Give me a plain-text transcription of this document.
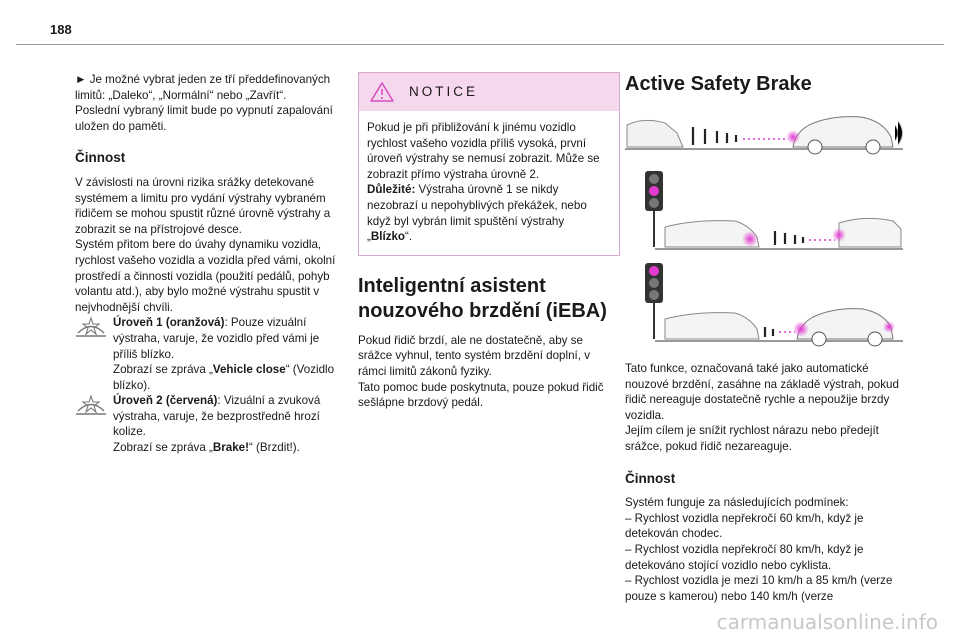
188

► Je možné vybrat jeden ze tří předdefinovaných limitů: „Daleko“, „Normální“ nebo „Zavřít“.

Poslední vybraný limit bude po vypnutí zapalování uložen do paměti.

Činnost

V závislosti na úrovni rizika srážky detekované systémem a limitu pro vydání výstrahy vybraném řidičem se mohou spustit různé úrovně výstrahy a zobrazit se na přístrojové desce.

Systém přitom bere do úvahy dynamiku vozidla, rychlost vašeho vozidla a vozidla před vámi, okolní prostředí a činnosti vozidla (použití pedálů, pohyb volantu atd.), aby bylo možné výstrahu spustit v nejvhodnější chvíli.

Úroveň 1 (oranžová): Pouze vizuální výstraha, varuje, že vozidlo před vámi je příliš blízko.

Zobrazí se zpráva „Vehicle close“ (Vozidlo blízko).

Úroveň 2 (červená): Vizuální a zvuková výstraha, varuje, že bezprostředně hrozí kolize.

Zobrazí se zpráva „Brake!“ (Brzdit!).

NOTICE

Pokud je při přibližování k jinému vozidlo rychlost vašeho vozidla příliš vysoká, první úroveň výstrahy se nemusí zobrazit. Může se zobrazit přímo výstraha úrovně 2.

Důležité: Výstraha úrovně 1 se nikdy nezobrazí u nepohyblivých překážek, nebo když byl vybrán limit spuštění výstrahy „Blízko“.

Inteligentní asistent nouzového brzdění (iEBA)

Pokud řidič brzdí, ale ne dostatečně, aby se srážce vyhnul, tento systém brzdění doplní, v rámci limitů zákonů fyziky.

Tato pomoc bude poskytnuta, pouze pokud řidič sešlápne brzdový pedál.

Active Safety Brake

Tato funkce, označovaná také jako automatické nouzové brzdění, zasáhne na základě výstrah, pokud řidič nereaguje dostatečně rychle a nepoužije brzdy vozidla.

Jejím cílem je snížit rychlost nárazu nebo předejít srážce, pokud řidič nezareaguje.

Činnost

Systém funguje za následujících podmínek:

– Rychlost vozidla nepřekročí 60 km/h, když je detekován chodec.

– Rychlost vozidla nepřekročí 80 km/h, když je detekováno stojící vozidlo nebo cyklista.

– Rychlost vozidla je mezi 10 km/h a 85 km/h (verze pouze s kamerou) nebo 140 km/h (verze

carmanualsonline.info
